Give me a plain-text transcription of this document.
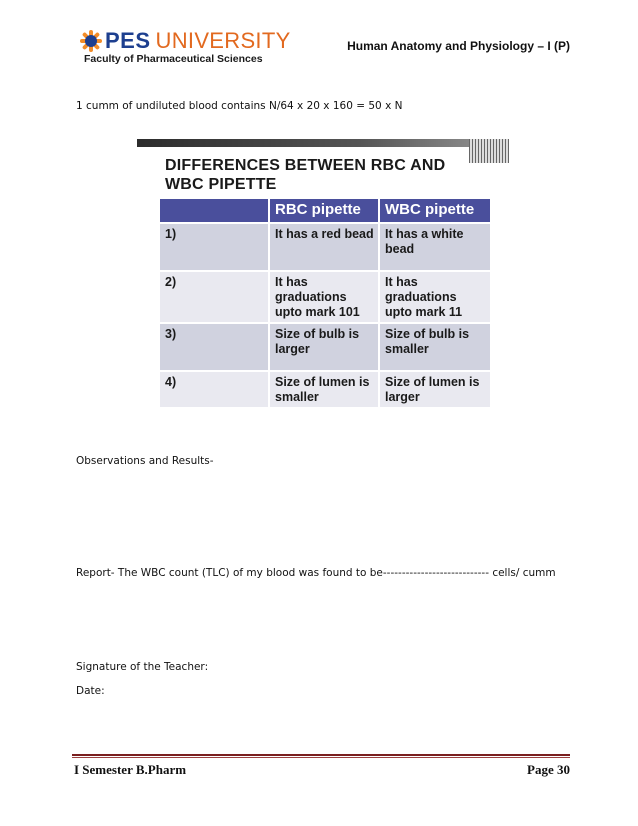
PES UNIVERSITY
Faculty of Pharmaceutical Sciences
Human Anatomy and Physiology – I (P)
1 cumm of undiluted blood contains N/64 x 20 x 160 = 50 x N
DIFFERENCES BETWEEN RBC AND
WBC PIPETTE
	RBC pipette	WBC pipette
1)	It has a red bead	It has a white bead
2)	It has graduations upto mark 101	It has graduations upto mark 11
3)	Size of bulb is larger	Size of bulb is smaller
4)	Size of lumen is smaller	Size of lumen is larger
Observations and Results-
Report- The WBC count (TLC) of my blood was found to be---------------------------- cells/ cumm
Signature of the Teacher:
Date:
I Semester B.Pharm	Page 30
